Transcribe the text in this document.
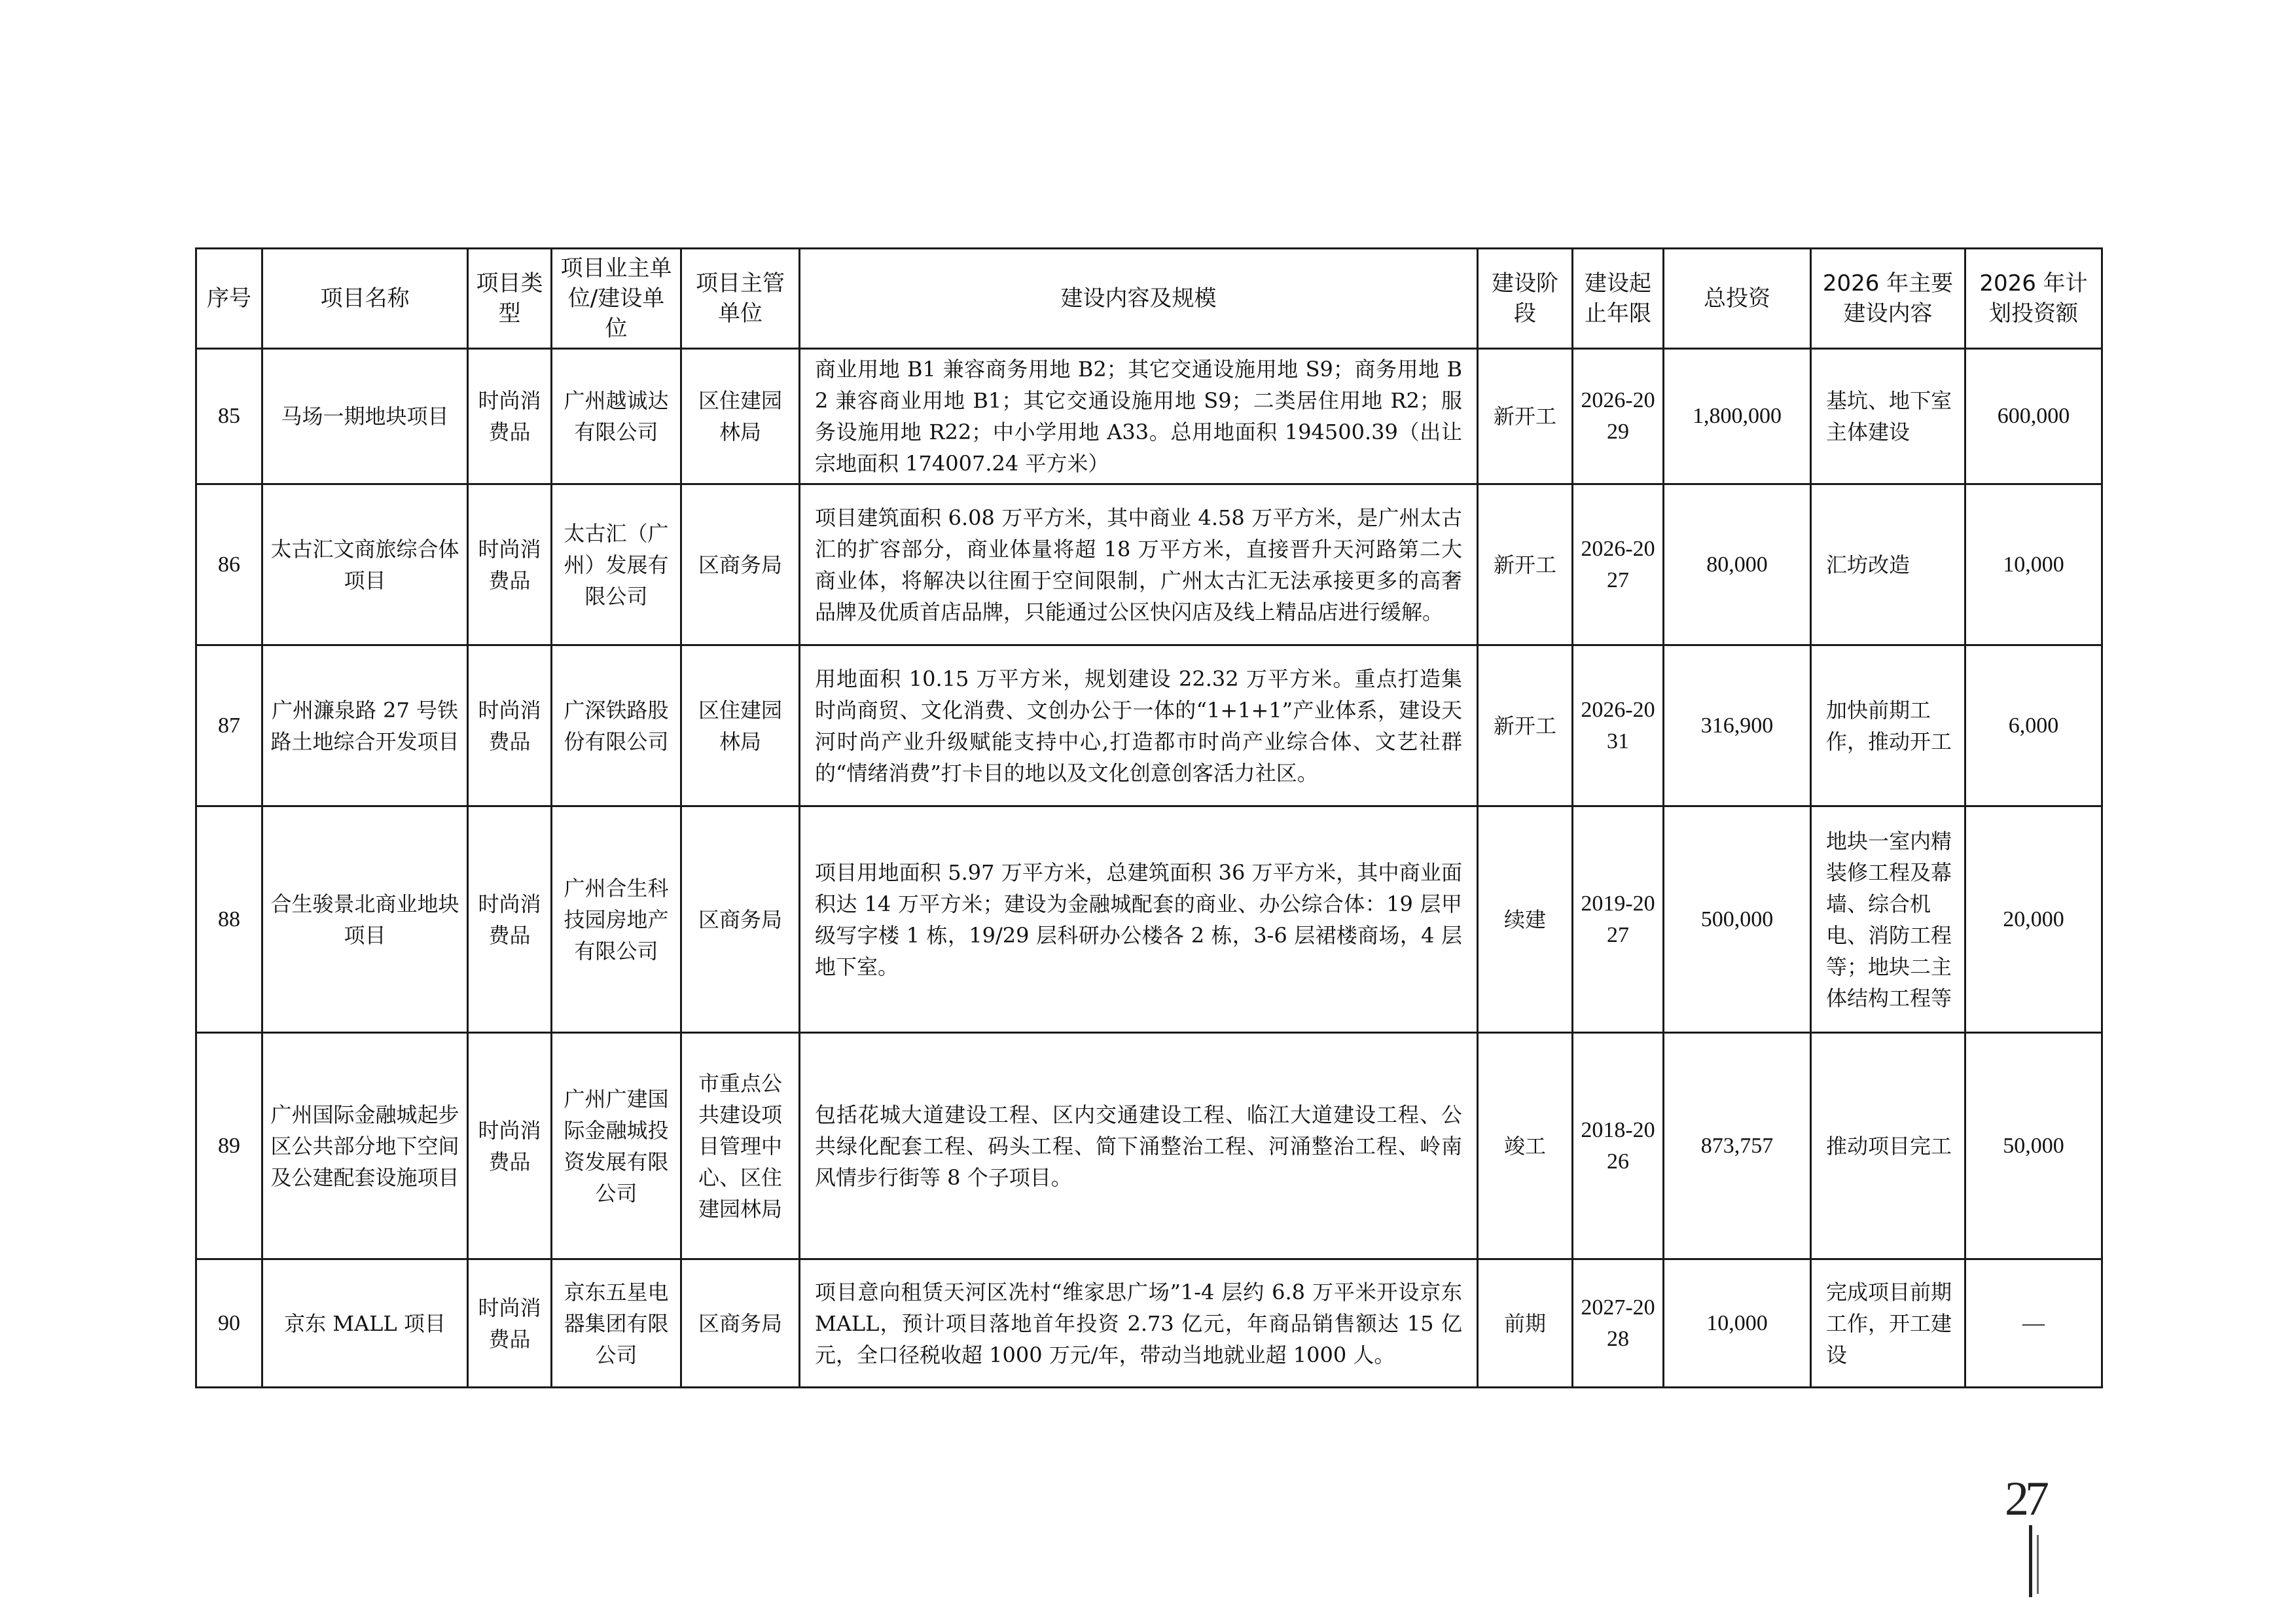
序号	项目名称	项目类型	项目业主单位/建设单位	项目主管单位	建设内容及规模	建设阶段	建设起止年限	总投资	2026 年主要建设内容	2026 年计划投资额
85	马场一期地块项目	时尚消费品	广州越诚达有限公司	区住建园林局	商业用地 B1 兼容商务用地 B2；其它交通设施用地 S9；商务用地 B2 兼容商业用地 B1；其它交通设施用地 S9；二类居住用地 R2；服务设施用地 R22；中小学用地 A33。总用地面积 194500.39（出让宗地面积 174007.24 平方米）	新开工	2026-2029	1,800,000	基坑、地下室主体建设	600,000
86	太古汇文商旅综合体项目	时尚消费品	太古汇（广州）发展有限公司	区商务局	项目建筑面积 6.08 万平方米，其中商业 4.58 万平方米，是广州太古汇的扩容部分，商业体量将超 18 万平方米，直接晋升天河路第二大商业体，将解决以往囿于空间限制，广州太古汇无法承接更多的高奢品牌及优质首店品牌，只能通过公区快闪店及线上精品店进行缓解。	新开工	2026-2027	80,000	汇坊改造	10,000
87	广州濂泉路 27 号铁路土地综合开发项目	时尚消费品	广深铁路股份有限公司	区住建园林局	用地面积 10.15 万平方米，规划建设 22.32 万平方米。重点打造集时尚商贸、文化消费、文创办公于一体的“1+1+1”产业体系，建设天河时尚产业升级赋能支持中心,打造都市时尚产业综合体、文艺社群的“情绪消费”打卡目的地以及文化创意创客活力社区。	新开工	2026-2031	316,900	加快前期工作，推动开工	6,000
88	合生骏景北商业地块项目	时尚消费品	广州合生科技园房地产有限公司	区商务局	项目用地面积 5.97 万平方米，总建筑面积 36 万平方米，其中商业面积达 14 万平方米；建设为金融城配套的商业、办公综合体：19 层甲级写字楼 1 栋，19/29 层科研办公楼各 2 栋，3-6 层裙楼商场，4 层地下室。	续建	2019-2027	500,000	地块一室内精装修工程及幕墙、综合机电、消防工程等；地块二主体结构工程等	20,000
89	广州国际金融城起步区公共部分地下空间及公建配套设施项目	时尚消费品	广州广建国际金融城投资发展有限公司	市重点公共建设项目管理中心、区住建园林局	包括花城大道建设工程、区内交通建设工程、临江大道建设工程、公共绿化配套工程、码头工程、简下涌整治工程、河涌整治工程、岭南风情步行街等 8 个子项目。	竣工	2018-2026	873,757	推动项目完工	50,000
90	京东 MALL 项目	时尚消费品	京东五星电器集团有限公司	区商务局	项目意向租赁天河区冼村“维家思广场”1-4 层约 6.8 万平米开设京东 MALL，预计项目落地首年投资 2.73 亿元，年商品销售额达 15 亿元，全口径税收超 1000 万元/年，带动当地就业超 1000 人。	前期	2027-2028	10,000	完成项目前期工作，开工建设	—
27
